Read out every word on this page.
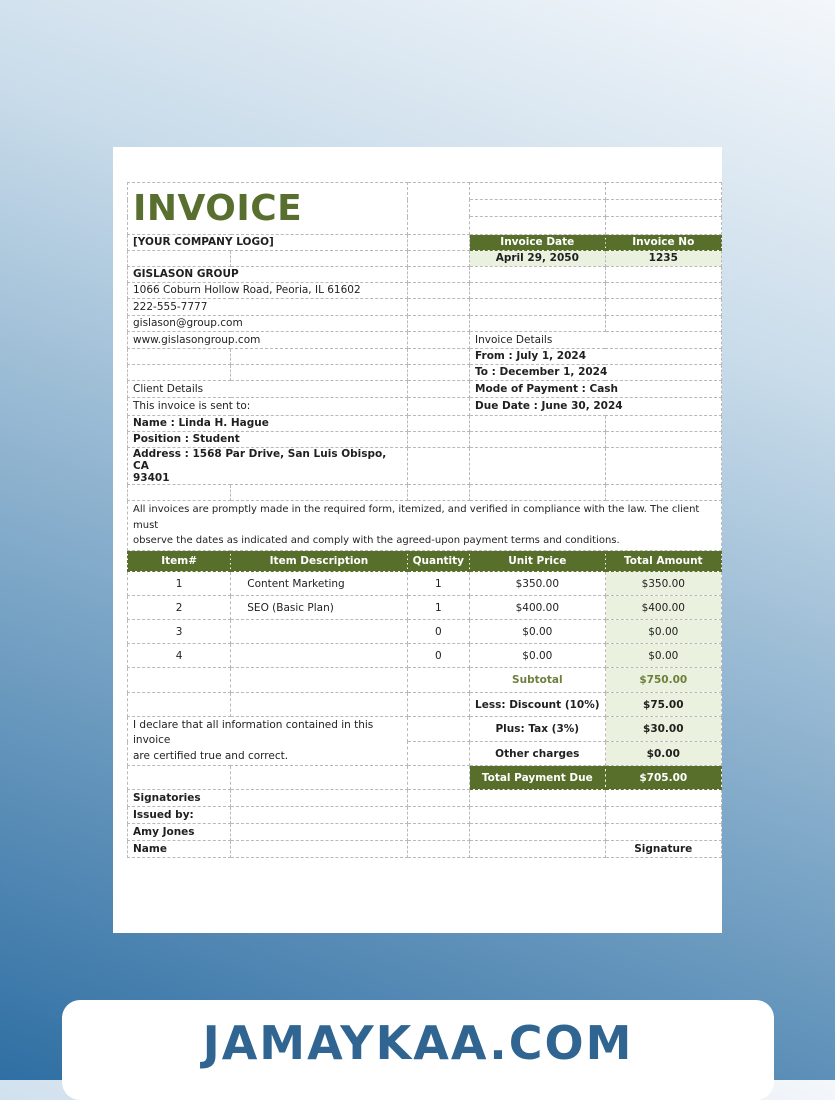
INVOICE				

[YOUR COMPANY LOGO]			Invoice Date	Invoice No
			April 29, 2050	1235
GISLASON GROUP				
1066 Coburn Hollow Road, Peoria, IL 61602				
222-555-7777				
gislason@group.com				
www.gislasongroup.com			Invoice Details	
			From : July 1, 2024	
			To : December 1, 2024	
Client Details			Mode of Payment : Cash	
This invoice is sent to:			Due Date : June 30, 2024	
Name : Linda H. Hague				
Position : Student				

Address : 1568 Par Drive, San Luis Obispo, CA
93401				

All invoices are promptly made in the required form, itemized, and verified in compliance with the law. The client must
observe the dates as indicated and comply with the agreed-upon payment terms and conditions.				

Item#	Item Description	Quantity	Unit Price	Total Amount
1	Content Marketing	1	$350.00	$350.00
2	SEO (Basic Plan)	1	$400.00	$400.00
3		0	$0.00	$0.00
4		0	$0.00	$0.00
			Subtotal	$750.00
			Less: Discount (10%)	$75.00

I declare that all information contained in this invoice
are certified true and correct.			Plus: Tax (3%)	$30.00
			Other charges	$0.00
			Total Payment Due	$705.00
Signatories				
Issued by:				
Amy Jones				
Name				Signature
JAMAYKAA.COM
